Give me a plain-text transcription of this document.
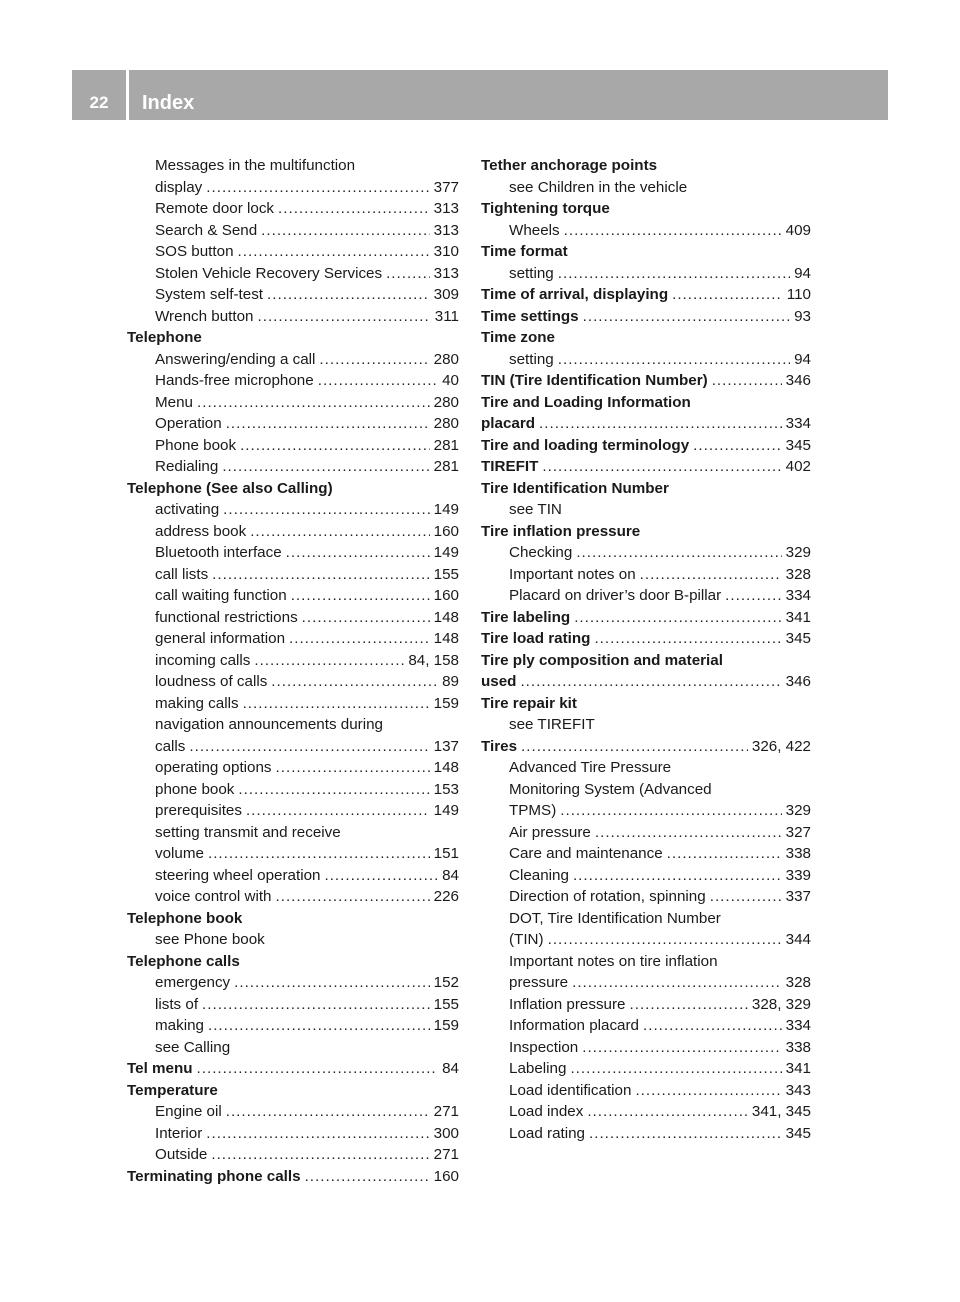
22	Index
Messages in the multifunction
display .....	377
Remote door lock .....	313
Search & Send .....	313
SOS button .....	310
Stolen Vehicle Recovery Services .....	313
System self-test .....	309
Wrench button .....	311
Telephone
Answering/ending a call .....	280
Hands-free microphone .....	40
Menu .....	280
Operation .....	280
Phone book .....	281
Redialing .....	281
Telephone (See also Calling)
activating .....	149
address book .....	160
Bluetooth interface .....	149
call lists .....	155
call waiting function .....	160
functional restrictions .....	148
general information .....	148
incoming calls .....	84, 158
loudness of calls .....	89
making calls .....	159
navigation announcements during
calls .....	137
operating options .....	148
phone book .....	153
prerequisites .....	149
setting transmit and receive
volume .....	151
steering wheel operation .....	84
voice control with .....	226
Telephone book
see Phone book
Telephone calls
emergency .....	152
lists of .....	155
making .....	159
see Calling
Tel menu .....	84
Temperature
Engine oil .....	271
Interior .....	300
Outside .....	271
Terminating phone calls .....	160
Tether anchorage points
see Children in the vehicle
Tightening torque
Wheels .....	409
Time format
setting .....	94
Time of arrival, displaying .....	110
Time settings .....	93
Time zone
setting .....	94
TIN (Tire Identification Number) .....	346
Tire and Loading Information
placard .....	334
Tire and loading terminology .....	345
TIREFIT .....	402
Tire Identification Number
see TIN
Tire inflation pressure
Checking .....	329
Important notes on .....	328
Placard on driver’s door B-pillar .....	334
Tire labeling .....	341
Tire load rating .....	345
Tire ply composition and material
used .....	346
Tire repair kit
see TIREFIT
Tires .....	326, 422
Advanced Tire Pressure
Monitoring System (Advanced
TPMS) .....	329
Air pressure .....	327
Care and maintenance .....	338
Cleaning .....	339
Direction of rotation, spinning .....	337
DOT, Tire Identification Number
(TIN) .....	344
Important notes on tire inflation
pressure .....	328
Inflation pressure .....	328, 329
Information placard .....	334
Inspection .....	338
Labeling .....	341
Load identification .....	343
Load index .....	341, 345
Load rating .....	345
